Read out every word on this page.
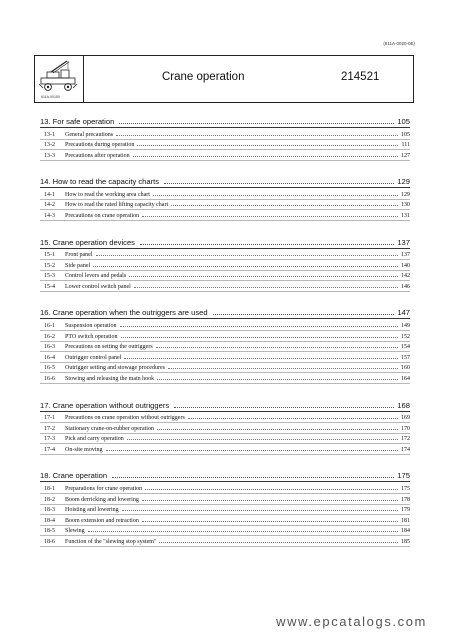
(611A-0020-0E)
611A-00150
Crane operation	214521
13. For safe operation	105
13-1	General precautions	105
13-2	Precautions during operation	111
13-3	Precautions after operation	127
14. How to read the capacity charts	129
14-1	How to read the working area chart	129
14-2	How to read the rated lifting capacity chart	130
14-3	Precautions on crane operation	131
15. Crane operation devices	137
15-1	Front panel	137
15-2	Side panel	140
15-3	Control levers and pedals	142
15-4	Lower control switch panel	146
16. Crane operation when the outriggers are used	147
16-1	Suspension operation	149
16-2	PTO switch operation	152
16-3	Precautions on setting the outriggers	154
16-4	Outrigger control panel	157
16-5	Outrigger setting and stowage procedures	160
16-6	Stowing and releasing the main hook	164
17. Crane operation without outriggers	168
17-1	Precautions on crane operation without outriggers	169
17-2	Stationary crane-on-rubber operation	170
17-3	Pick and carry operation	172
17-4	On-site moving	174
18. Crane operation	175
18-1	Preparations for crane operation	175
18-2	Boom derricking and lowering	178
18-3	Hoisting and lowering	179
18-4	Boom extension and retraction	181
18-5	Slewing	184
18-6	Function of the "slewing stop system"	185
www.epcatalogs.com
